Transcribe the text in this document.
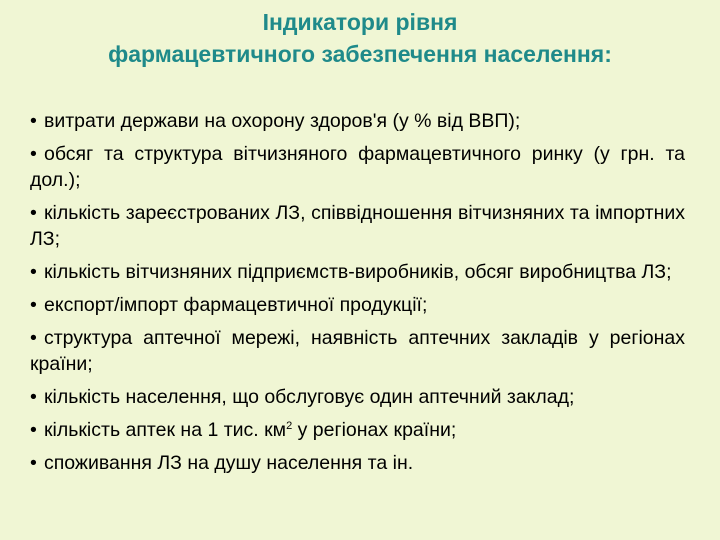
Індикатори рівня
фармацевтичного забезпечення населення:
• витрати держави на охорону здоров'я (у % від ВВП);
• обсяг та структура вітчизняного фармацевтичного ринку (у грн. та дол.);
• кількість зареєстрованих ЛЗ, співвідношення вітчизняних та імпортних ЛЗ;
• кількість вітчизняних підприємств-виробників, обсяг виробництва ЛЗ;
• експорт/імпорт фармацевтичної продукції;
• структура аптечної мережі, наявність аптечних закладів у регіонах країни;
• кількість населення, що обслуговує один аптечний заклад;
• кількість аптек на 1 тис. $км^2$ у регіонах країни;
• споживання ЛЗ на душу населення та ін.
